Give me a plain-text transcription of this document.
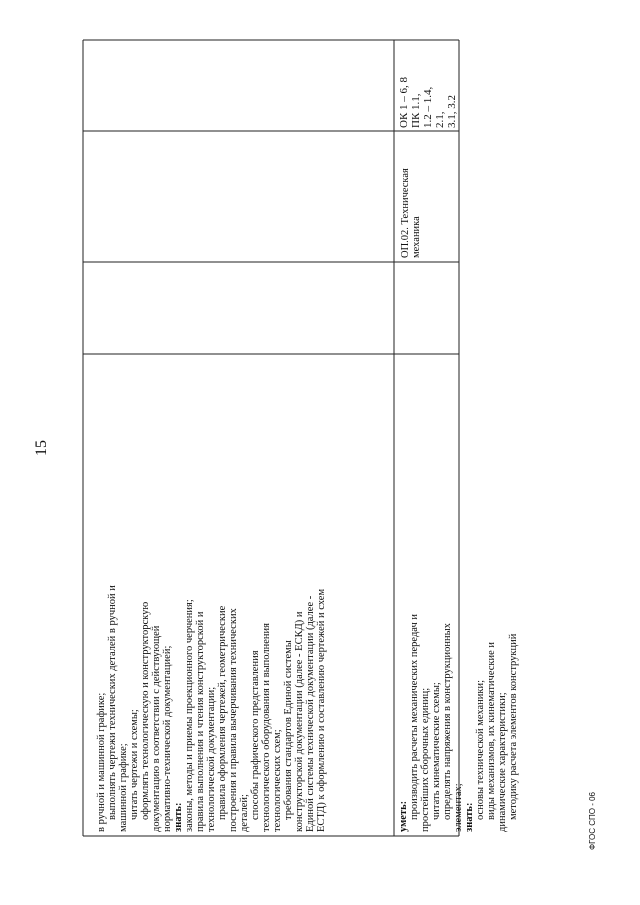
15
в ручной и машинной графике; выполнять чертежи технических деталей в ручной и машинной графике; читать чертежи и схемы; оформлять технологическую и конструкторскую документацию в соответствии с действующей нормативно-технической документацией; знать: законы, методы и приемы проекционного черчения; правила выполнения и чтения конструкторской и технологической документации; правила оформления чертежей, геометрические построения и правила вычерчивания технических деталей; способы графического представления технологического оборудования и выполнения технологических схем; требования стандартов Единой системы конструкторской документации (далее - ЕСКД) и Единой системы технической документации (далее - ЕСТД) к оформлению и составлению чертежей и схем	уметь: производить расчеты механических передач и простейших сборочных единиц; читать кинематические схемы; определять напряжения в конструкционных элементах; знать: основы технической механики; виды механизмов, их кинематические и динамические характеристики; методику расчета элементов конструкций
ОП.02. Техническая механика
ОК 1 – 6, 8 ПК 1.1, 1.2 – 1.4, 2.1, 3.1, 3.2
ФГОС СПО - 06
